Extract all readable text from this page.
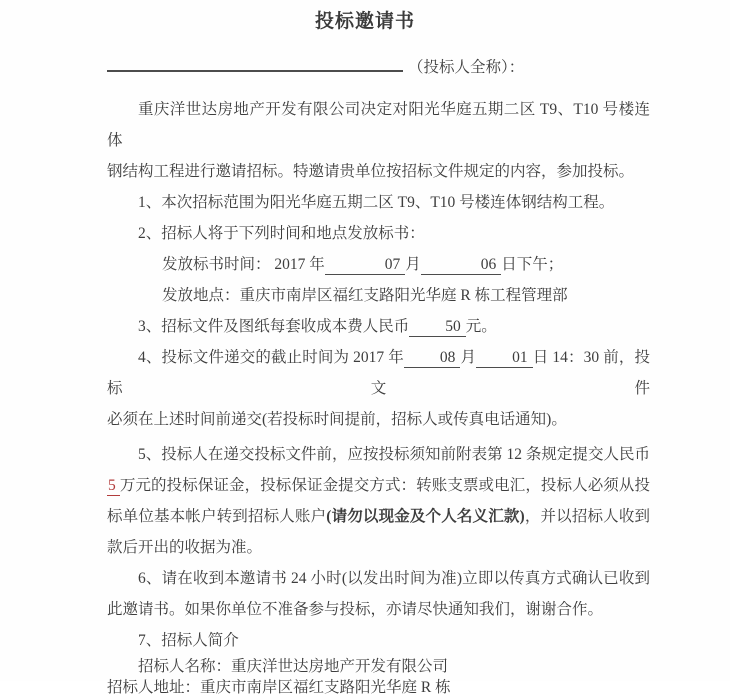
投标邀请书
（投标人全称）：
重庆洋世达房地产开发有限公司决定对阳光华庭五期二区 T9、T10 号楼连体
钢结构工程进行邀请招标。特邀请贵单位按招标文件规定的内容，参加投标。
1、本次招标范围为阳光华庭五期二区 T9、T10 号楼连体钢结构工程。
2、招标人将于下列时间和地点发放标书：
发放标书时间： 2017 年	07 月	06 日下午；
发放地点：重庆市南岸区福红支路阳光华庭 R 栋工程管理部
3、招标文件及图纸每套收成本费人民币 50 元。
4、投标文件递交的截止时间为 2017 年 08 月 01 日 14：30 前，投标文件
必须在上述时间前递交(若投标时间提前，招标人或传真电话通知)。
5、投标人在递交投标文件前，应按投标须知前附表第 12 条规定提交人民币
5 万元的投标保证金，投标保证金提交方式：转账支票或电汇，投标人必须从投
标单位基本帐户转到招标人账户(请勿以现金及个人名义汇款)，并以招标人收到
款后开出的收据为准。
6、请在收到本邀请书 24 小时(以发出时间为准)立即以传真方式确认已收到
此邀请书。如果你单位不准备参与投标，亦请尽快通知我们，谢谢合作。
7、招标人简介
招标人名称：重庆洋世达房地产开发有限公司
招标人地址：重庆市南岸区福红支路阳光华庭 R 栋
